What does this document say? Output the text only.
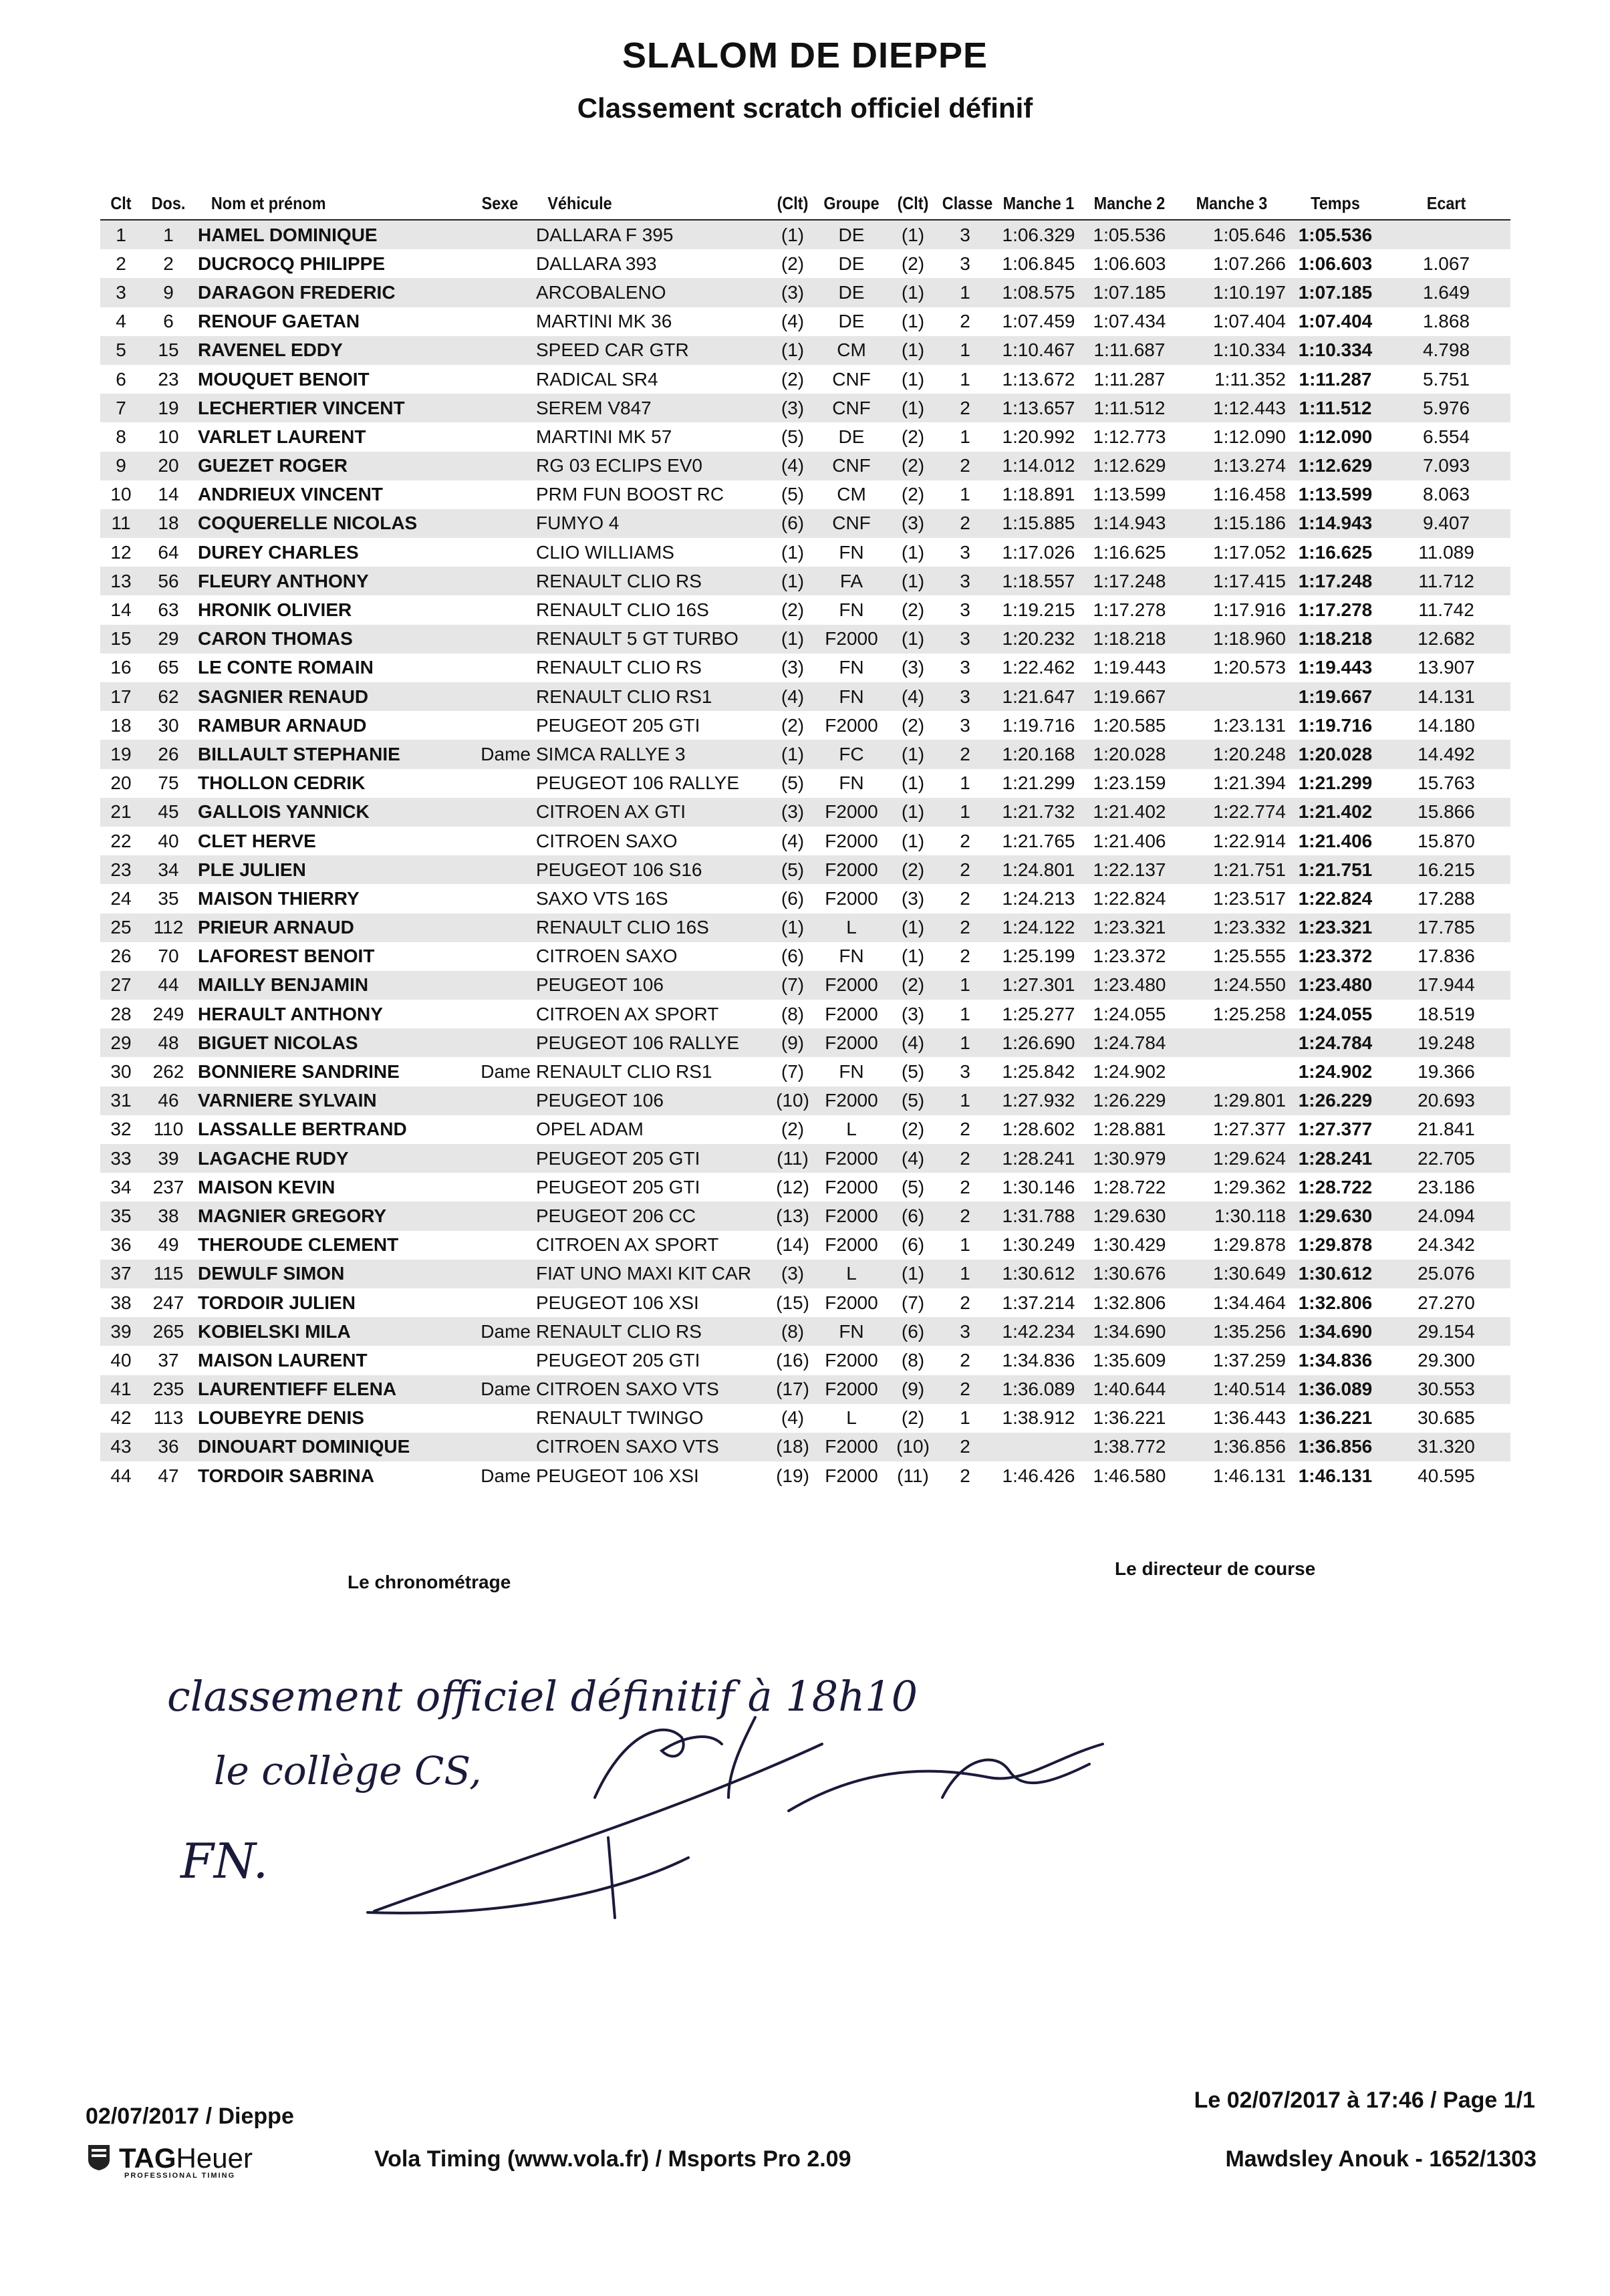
SLALOM DE DIEPPE
Classement scratch officiel définif
Clt	Dos.	Nom et prénom	Sexe	Véhicule	(Clt)	Groupe	(Clt)	Classe	Manche 1	Manche 2	Manche 3	Temps	Ecart
1	1	HAMEL DOMINIQUE		DALLARA F 395	(1)	DE	(1)	3	1:06.329	1:05.536	1:05.646	1:05.536	
2	2	DUCROCQ PHILIPPE		DALLARA 393	(2)	DE	(2)	3	1:06.845	1:06.603	1:07.266	1:06.603	1.067
3	9	DARAGON FREDERIC		ARCOBALENO	(3)	DE	(1)	1	1:08.575	1:07.185	1:10.197	1:07.185	1.649
4	6	RENOUF GAETAN		MARTINI MK 36	(4)	DE	(1)	2	1:07.459	1:07.434	1:07.404	1:07.404	1.868
5	15	RAVENEL EDDY		SPEED CAR GTR	(1)	CM	(1)	1	1:10.467	1:11.687	1:10.334	1:10.334	4.798
6	23	MOUQUET BENOIT		RADICAL SR4	(2)	CNF	(1)	1	1:13.672	1:11.287	1:11.352	1:11.287	5.751
7	19	LECHERTIER VINCENT		SEREM V847	(3)	CNF	(1)	2	1:13.657	1:11.512	1:12.443	1:11.512	5.976
8	10	VARLET LAURENT		MARTINI MK 57	(5)	DE	(2)	1	1:20.992	1:12.773	1:12.090	1:12.090	6.554
9	20	GUEZET ROGER		RG 03 ECLIPS EV0	(4)	CNF	(2)	2	1:14.012	1:12.629	1:13.274	1:12.629	7.093
10	14	ANDRIEUX VINCENT		PRM FUN BOOST RC	(5)	CM	(2)	1	1:18.891	1:13.599	1:16.458	1:13.599	8.063
11	18	COQUERELLE NICOLAS		FUMYO 4	(6)	CNF	(3)	2	1:15.885	1:14.943	1:15.186	1:14.943	9.407
12	64	DUREY CHARLES		CLIO WILLIAMS	(1)	FN	(1)	3	1:17.026	1:16.625	1:17.052	1:16.625	11.089
13	56	FLEURY ANTHONY		RENAULT CLIO RS	(1)	FA	(1)	3	1:18.557	1:17.248	1:17.415	1:17.248	11.712
14	63	HRONIK OLIVIER		RENAULT CLIO 16S	(2)	FN	(2)	3	1:19.215	1:17.278	1:17.916	1:17.278	11.742
15	29	CARON THOMAS		RENAULT 5 GT TURBO	(1)	F2000	(1)	3	1:20.232	1:18.218	1:18.960	1:18.218	12.682
16	65	LE CONTE ROMAIN		RENAULT CLIO RS	(3)	FN	(3)	3	1:22.462	1:19.443	1:20.573	1:19.443	13.907
17	62	SAGNIER RENAUD		RENAULT CLIO RS1	(4)	FN	(4)	3	1:21.647	1:19.667		1:19.667	14.131
18	30	RAMBUR ARNAUD		PEUGEOT 205 GTI	(2)	F2000	(2)	3	1:19.716	1:20.585	1:23.131	1:19.716	14.180
19	26	BILLAULT STEPHANIE	Dame	SIMCA RALLYE 3	(1)	FC	(1)	2	1:20.168	1:20.028	1:20.248	1:20.028	14.492
20	75	THOLLON CEDRIK		PEUGEOT 106 RALLYE	(5)	FN	(1)	1	1:21.299	1:23.159	1:21.394	1:21.299	15.763
21	45	GALLOIS YANNICK		CITROEN AX GTI	(3)	F2000	(1)	1	1:21.732	1:21.402	1:22.774	1:21.402	15.866
22	40	CLET HERVE		CITROEN SAXO	(4)	F2000	(1)	2	1:21.765	1:21.406	1:22.914	1:21.406	15.870
23	34	PLE JULIEN		PEUGEOT 106 S16	(5)	F2000	(2)	2	1:24.801	1:22.137	1:21.751	1:21.751	16.215
24	35	MAISON THIERRY		SAXO VTS 16S	(6)	F2000	(3)	2	1:24.213	1:22.824	1:23.517	1:22.824	17.288
25	112	PRIEUR ARNAUD		RENAULT CLIO 16S	(1)	L	(1)	2	1:24.122	1:23.321	1:23.332	1:23.321	17.785
26	70	LAFOREST BENOIT		CITROEN SAXO	(6)	FN	(1)	2	1:25.199	1:23.372	1:25.555	1:23.372	17.836
27	44	MAILLY BENJAMIN		PEUGEOT 106	(7)	F2000	(2)	1	1:27.301	1:23.480	1:24.550	1:23.480	17.944
28	249	HERAULT ANTHONY		CITROEN AX SPORT	(8)	F2000	(3)	1	1:25.277	1:24.055	1:25.258	1:24.055	18.519
29	48	BIGUET NICOLAS		PEUGEOT 106 RALLYE	(9)	F2000	(4)	1	1:26.690	1:24.784		1:24.784	19.248
30	262	BONNIERE SANDRINE	Dame	RENAULT CLIO RS1	(7)	FN	(5)	3	1:25.842	1:24.902		1:24.902	19.366
31	46	VARNIERE SYLVAIN		PEUGEOT 106	(10)	F2000	(5)	1	1:27.932	1:26.229	1:29.801	1:26.229	20.693
32	110	LASSALLE BERTRAND		OPEL ADAM	(2)	L	(2)	2	1:28.602	1:28.881	1:27.377	1:27.377	21.841
33	39	LAGACHE RUDY		PEUGEOT 205 GTI	(11)	F2000	(4)	2	1:28.241	1:30.979	1:29.624	1:28.241	22.705
34	237	MAISON KEVIN		PEUGEOT 205 GTI	(12)	F2000	(5)	2	1:30.146	1:28.722	1:29.362	1:28.722	23.186
35	38	MAGNIER GREGORY		PEUGEOT 206 CC	(13)	F2000	(6)	2	1:31.788	1:29.630	1:30.118	1:29.630	24.094
36	49	THEROUDE CLEMENT		CITROEN AX SPORT	(14)	F2000	(6)	1	1:30.249	1:30.429	1:29.878	1:29.878	24.342
37	115	DEWULF SIMON		FIAT UNO MAXI KIT CAR	(3)	L	(1)	1	1:30.612	1:30.676	1:30.649	1:30.612	25.076
38	247	TORDOIR JULIEN		PEUGEOT 106 XSI	(15)	F2000	(7)	2	1:37.214	1:32.806	1:34.464	1:32.806	27.270
39	265	KOBIELSKI MILA	Dame	RENAULT CLIO RS	(8)	FN	(6)	3	1:42.234	1:34.690	1:35.256	1:34.690	29.154
40	37	MAISON LAURENT		PEUGEOT 205 GTI	(16)	F2000	(8)	2	1:34.836	1:35.609	1:37.259	1:34.836	29.300
41	235	LAURENTIEFF ELENA	Dame	CITROEN SAXO VTS	(17)	F2000	(9)	2	1:36.089	1:40.644	1:40.514	1:36.089	30.553
42	113	LOUBEYRE DENIS		RENAULT TWINGO	(4)	L	(2)	1	1:38.912	1:36.221	1:36.443	1:36.221	30.685
43	36	DINOUART DOMINIQUE		CITROEN SAXO VTS	(18)	F2000	(10)	2		1:38.772	1:36.856	1:36.856	31.320
44	47	TORDOIR SABRINA	Dame	PEUGEOT 106 XSI	(19)	F2000	(11)	2	1:46.426	1:46.580	1:46.131	1:46.131	40.595
Le chronométrage
Le directeur de course
classement officiel définitif à 18h10
le collège CS,
FN.
02/07/2017 / Dieppe
Le 02/07/2017 à 17:46 / Page 1/1
TAGHeuer
PROFESSIONAL TIMING
Vola Timing (www.vola.fr) / Msports Pro 2.09	Mawdsley Anouk - 1652/1303
